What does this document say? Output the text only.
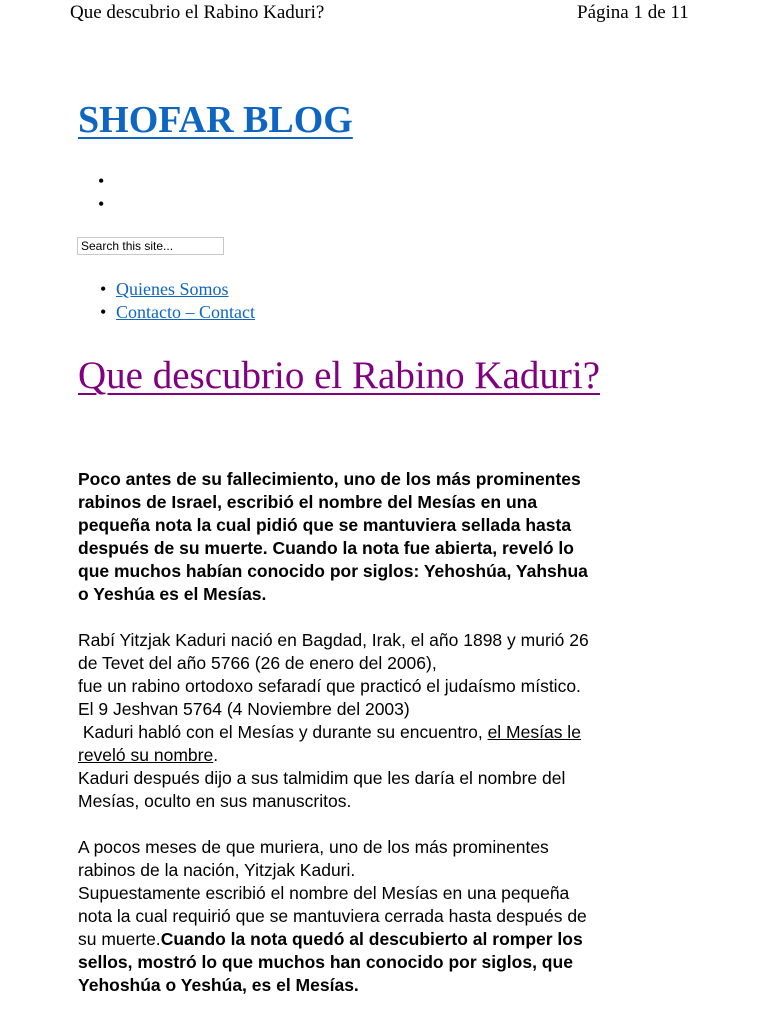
Que descubrio el Rabino Kaduri?	Página 1 de 11
SHOFAR BLOG
•
•
Search this site...
• Quienes Somos
• Contacto – Contact
Que descubrio el Rabino Kaduri?

Poco antes de su fallecimiento, uno de los más prominentes
rabinos de Israel, escribió el nombre del Mesías en una
pequeña nota la cual pidió que se mantuviera sellada hasta
después de su muerte. Cuando la nota fue abierta, reveló lo
que muchos habían conocido por siglos: Yehoshúa, Yahshua
o Yeshúa es el Mesías.

Rabí Yitzjak Kaduri nació en Bagdad, Irak, el año 1898 y murió 26
de Tevet del año 5766 (26 de enero del 2006),
fue un rabino ortodoxo sefaradí que practicó el judaísmo místico.
El 9 Jeshvan 5764 (4 Noviembre del 2003)
Kaduri habló con el Mesías y durante su encuentro, el Mesías le
reveló su nombre.
Kaduri después dijo a sus talmidim que les daría el nombre del
Mesías, oculto en sus manuscritos.

A pocos meses de que muriera, uno de los más prominentes
rabinos de la nación, Yitzjak Kaduri.
Supuestamente escribió el nombre del Mesías en una pequeña
nota la cual requirió que se mantuviera cerrada hasta después de
su muerte.Cuando la nota quedó al descubierto al romper los
sellos, mostró lo que muchos han conocido por siglos, que
Yehoshúa o Yeshúa, es el Mesías.
